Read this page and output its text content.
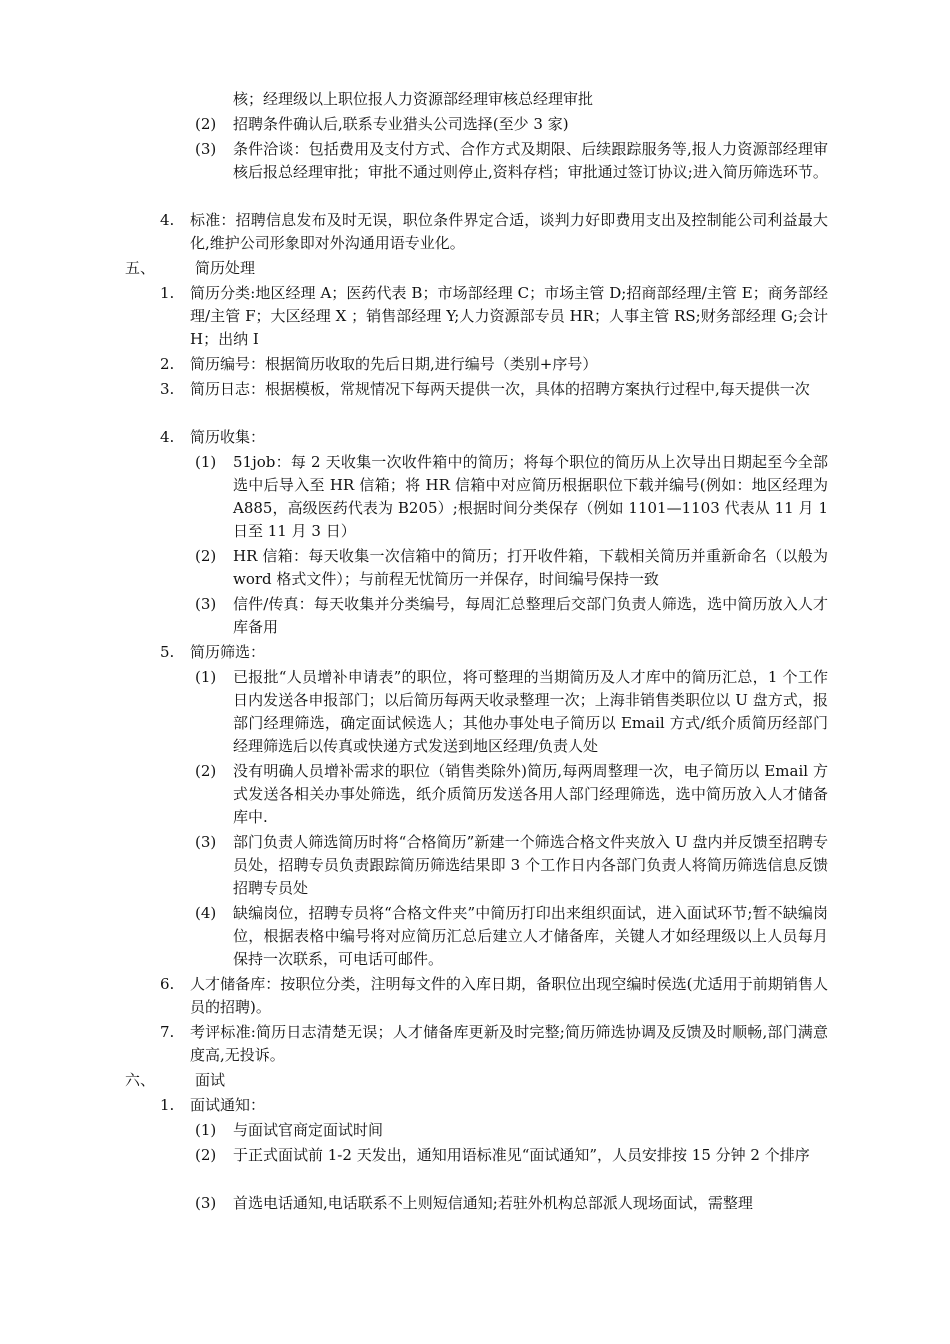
核；经理级以上职位报人力资源部经理审核总经理审批
(2)	招聘条件确认后,联系专业猎头公司选择(至少 3 家)
(3)	条件洽谈：包括费用及支付方式、合作方式及期限、后续跟踪服务等,报人力资源部经理审核后报总经理审批；审批不通过则停止,资料存档；审批通过签订协议;进入简历筛选环节。
4.	标准：招聘信息发布及时无误，职位条件界定合适，谈判力好即费用支出及控制能公司利益最大化,维护公司形象即对外沟通用语专业化。
五、	简历处理
1.	简历分类:地区经理 A；医药代表 B；市场部经理 C；市场主管 D;招商部经理/主管 E；商务部经理/主管 F；大区经理 X ；销售部经理 Y;人力资源部专员 HR；人事主管 RS;财务部经理 G;会计 H；出纳 I
2.	简历编号：根据简历收取的先后日期,进行编号（类别+序号）
3.	简历日志：根据模板，常规情况下每两天提供一次，具体的招聘方案执行过程中,每天提供一次
4.	简历收集：
(1)	51job：每 2 天收集一次收件箱中的简历；将每个职位的简历从上次导出日期起至今全部选中后导入至 HR 信箱；将 HR 信箱中对应简历根据职位下载并编号(例如：地区经理为 A885，高级医药代表为 B205）;根据时间分类保存（例如 1101—1103 代表从 11 月 1 日至 11 月 3 日）
(2)	HR 信箱：每天收集一次信箱中的简历；打开收件箱，下载相关简历并重新命名（以般为 word 格式文件）；与前程无忧简历一并保存，时间编号保持一致
(3)	信件/传真：每天收集并分类编号，每周汇总整理后交部门负责人筛选，选中简历放入人才库备用
5.	简历筛选：
(1)	已报批“人员增补申请表”的职位，将可整理的当期简历及人才库中的简历汇总，1 个工作日内发送各申报部门；以后简历每两天收录整理一次；上海非销售类职位以 U 盘方式，报部门经理筛选，确定面试候选人；其他办事处电子简历以 Email 方式/纸介质简历经部门经理筛选后以传真或快递方式发送到地区经理/负责人处
(2)	没有明确人员增补需求的职位（销售类除外)简历,每两周整理一次，电子简历以 Email 方式发送各相关办事处筛选，纸介质简历发送各用人部门经理筛选，选中简历放入人才储备库中.
(3)	部门负责人筛选简历时将“合格简历”新建一个筛选合格文件夹放入 U 盘内并反馈至招聘专员处，招聘专员负责跟踪简历筛选结果即 3 个工作日内各部门负责人将简历筛选信息反馈招聘专员处
(4)	缺编岗位，招聘专员将“合格文件夹”中简历打印出来组织面试，进入面试环节;暂不缺编岗位，根据表格中编号将对应简历汇总后建立人才储备库，关键人才如经理级以上人员每月保持一次联系，可电话可邮件。
6.	人才储备库：按职位分类，注明每文件的入库日期，备职位出现空编时侯选(尤适用于前期销售人员的招聘)。
7.	考评标准:简历日志清楚无误；人才储备库更新及时完整;简历筛选协调及反馈及时顺畅,部门满意度高,无投诉。
六、	面试
1.	面试通知：
(1)	与面试官商定面试时间
(2)	于正式面试前 1-2 天发出，通知用语标准见“面试通知”，人员安排按 15 分钟 2 个排序
(3)	首选电话通知,电话联系不上则短信通知;若驻外机构总部派人现场面试，需整理
